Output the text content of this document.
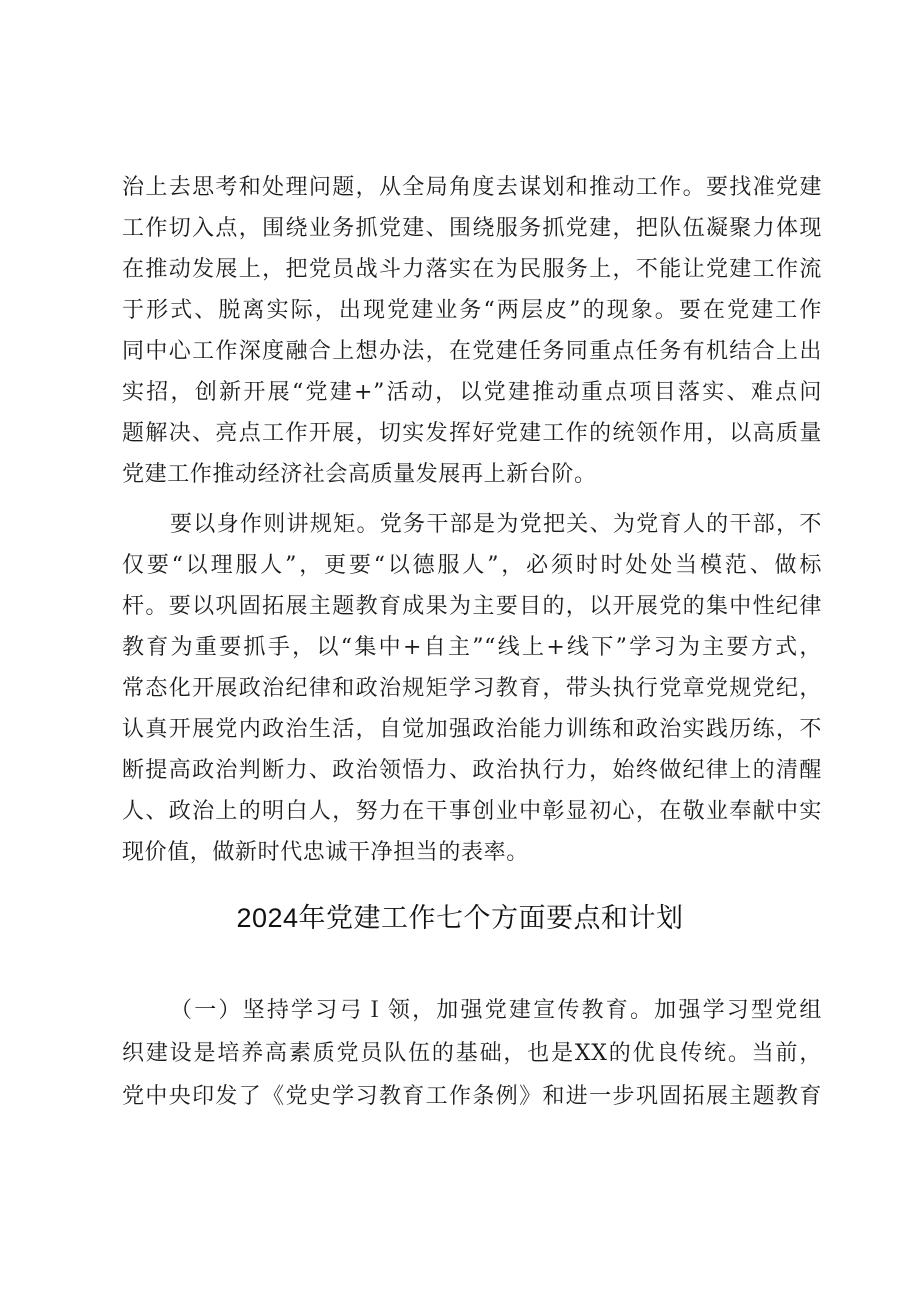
治上去思考和处理问题，从全局角度去谋划和推动工作。要找准党建
工作切入点，围绕业务抓党建、围绕服务抓党建，把队伍凝聚力体现
在推动发展上，把党员战斗力落实在为民服务上，不能让党建工作流
于形式、脱离实际，出现党建业务“两层皮”的现象。要在党建工作
同中心工作深度融合上想办法，在党建任务同重点任务有机结合上出
实招，创新开展“党建+”活动，以党建推动重点项目落实、难点问
题解决、亮点工作开展，切实发挥好党建工作的统领作用，以高质量
党建工作推动经济社会高质量发展再上新台阶。
要以身作则讲规矩。党务干部是为党把关、为党育人的干部，不
仅要“以理服人”，更要“以德服人”，必须时时处处当模范、做标
杆。要以巩固拓展主题教育成果为主要目的，以开展党的集中性纪律
教育为重要抓手，以“集中+自主”“线上+线下”学习为主要方式，
常态化开展政治纪律和政治规矩学习教育，带头执行党章党规党纪，
认真开展党内政治生活，自觉加强政治能力训练和政治实践历练，不
断提高政治判断力、政治领悟力、政治执行力，始终做纪律上的清醒
人、政治上的明白人，努力在干事创业中彰显初心，在敬业奉献中实
现价值，做新时代忠诚干净担当的表率。
2024年党建工作七个方面要点和计划
（一）坚持学习弓Ｉ领，加强党建宣传教育。加强学习型党组
织建设是培养高素质党员队伍的基础，也是XX的优良传统。当前，
党中央印发了《党史学习教育工作条例》和进一步巩固拓展主题教育
